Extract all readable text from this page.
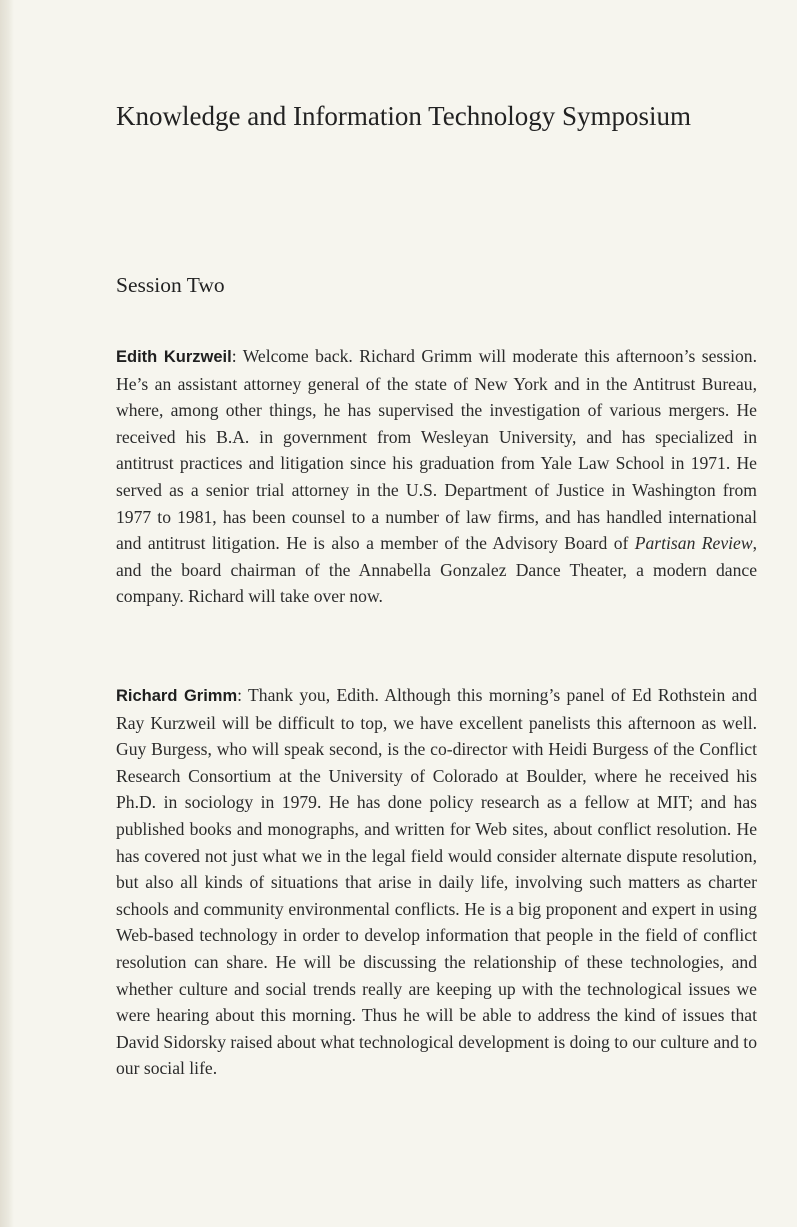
Knowledge and Information Technology Symposium
Session Two

Edith Kurzweil: Welcome back. Richard Grimm will moderate this afternoon’s session. He’s an assistant attorney general of the state of New York and in the Antitrust Bureau, where, among other things, he has supervised the investigation of various mergers. He received his B.A. in government from Wesleyan University, and has specialized in antitrust practices and litigation since his graduation from Yale Law School in 1971. He served as a senior trial attorney in the U.S. Department of Justice in Washington from 1977 to 1981, has been counsel to a number of law firms, and has handled international and antitrust litigation. He is also a member of the Advisory Board of Partisan Review, and the board chairman of the Annabella Gonzalez Dance Theater, a modern dance company. Richard will take over now.

Richard Grimm: Thank you, Edith. Although this morning’s panel of Ed Rothstein and Ray Kurzweil will be difficult to top, we have excellent panelists this afternoon as well. Guy Burgess, who will speak second, is the co-director with Heidi Burgess of the Conflict Research Consortium at the University of Colorado at Boulder, where he received his Ph.D. in sociology in 1979. He has done policy research as a fellow at MIT; and has published books and monographs, and written for Web sites, about conflict resolution. He has covered not just what we in the legal field would consider alternate dispute resolution, but also all kinds of situations that arise in daily life, involving such matters as charter schools and community environmental conflicts. He is a big proponent and expert in using Web-based technology in order to develop information that people in the field of conflict resolution can share. He will be discussing the relationship of these technologies, and whether culture and social trends really are keeping up with the technological issues we were hearing about this morning. Thus he will be able to address the kind of issues that David Sidorsky raised about what technological development is doing to our culture and to our social life.
